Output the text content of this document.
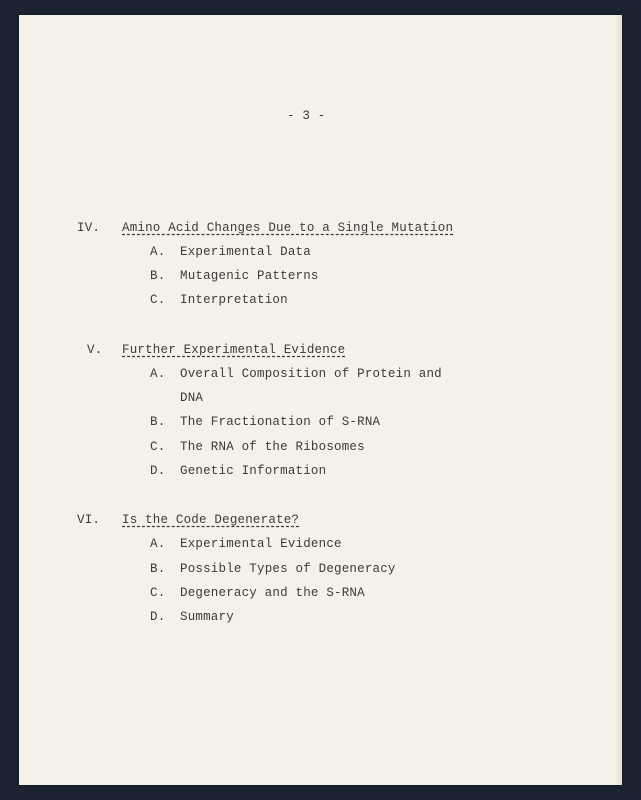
- 3 -

IV. Amino Acid Changes Due to a Single Mutation

A. Experimental Data

B. Mutagenic Patterns

C. Interpretation

V. Further Experimental Evidence

A. Overall Composition of Protein and

DNA

B. The Fractionation of S-RNA

C. The RNA of the Ribosomes

D. Genetic Information

VI. Is the Code Degenerate?

A. Experimental Evidence

B. Possible Types of Degeneracy

C. Degeneracy and the S-RNA

D. Summary
